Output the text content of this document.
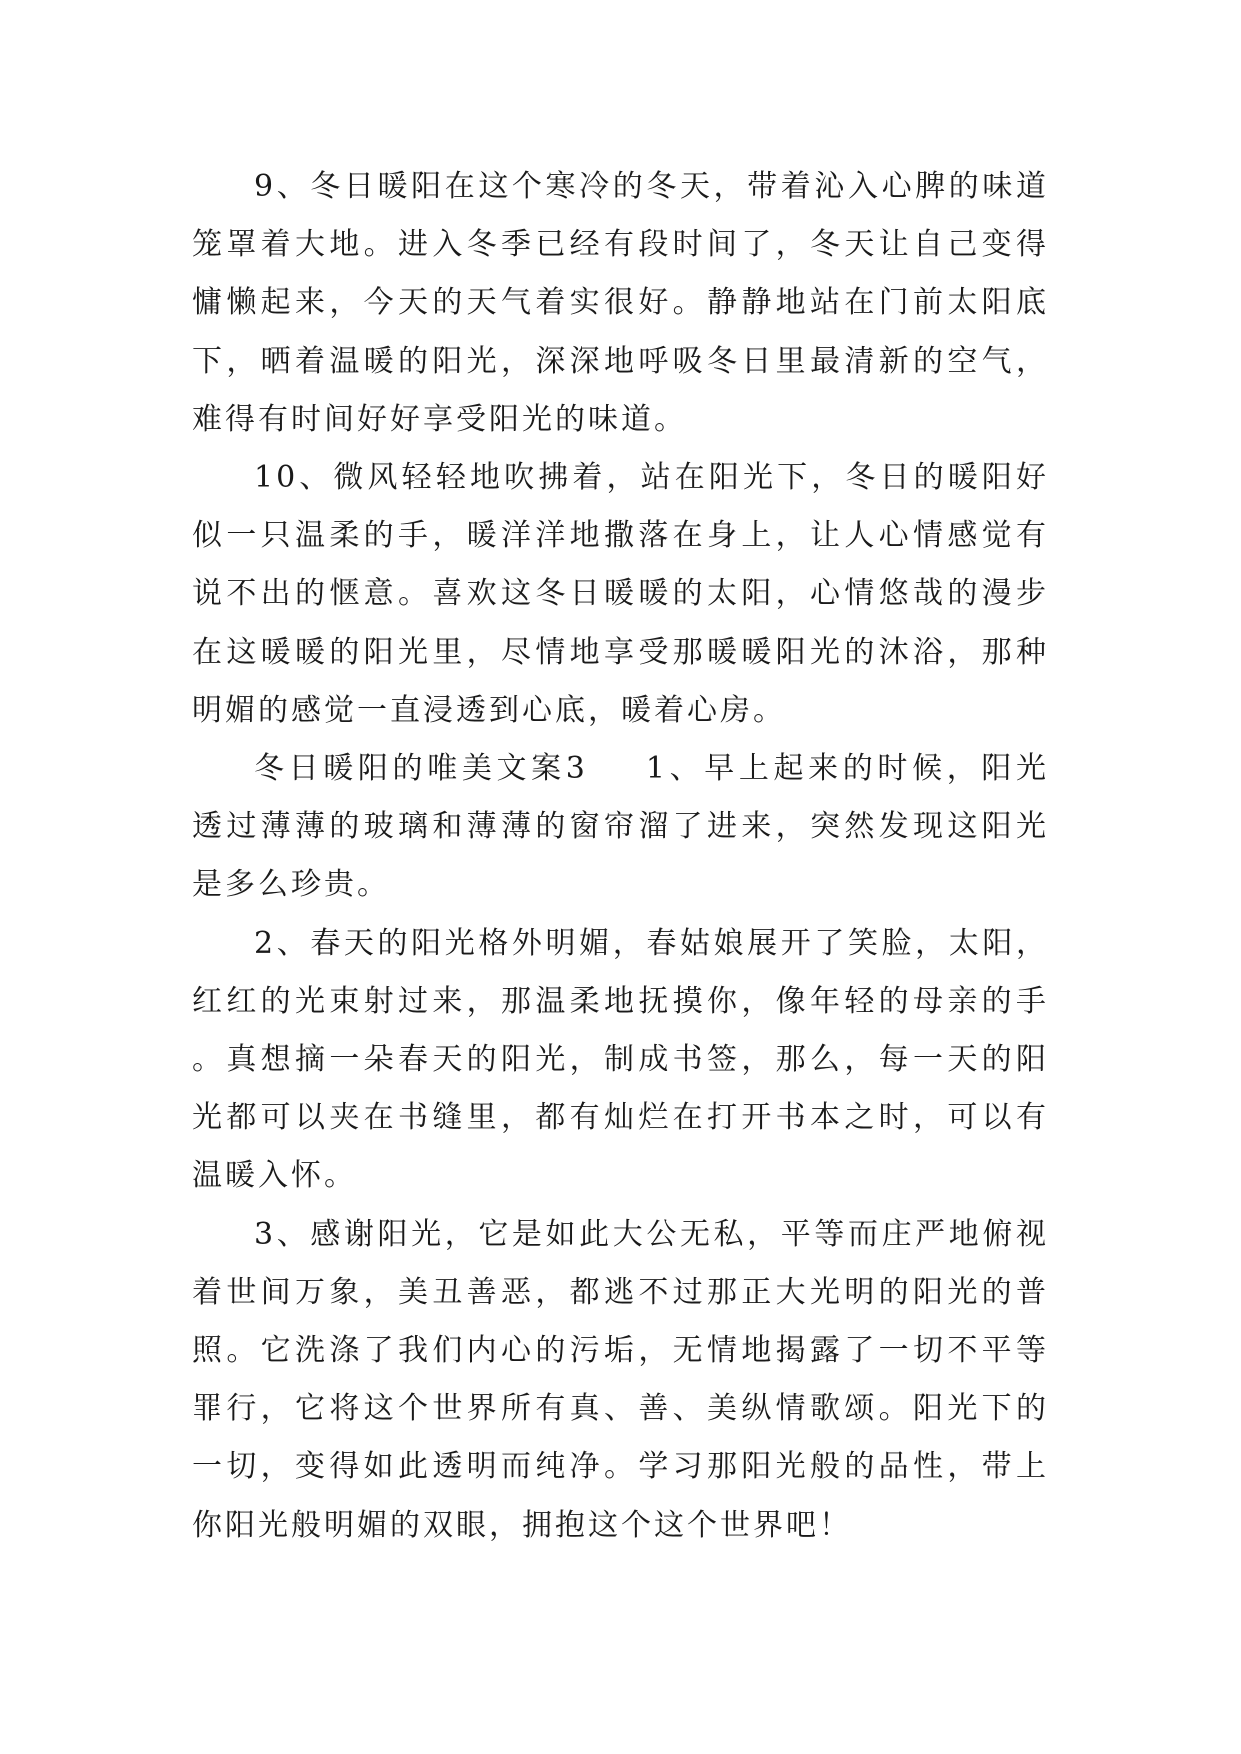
9、冬日暖阳在这个寒冷的冬天，带着沁入心脾的味道笼罩着大地。进入冬季已经有段时间了，冬天让自己变得慵懒起来，今天的天气着实很好。静静地站在门前太阳底下，晒着温暖的阳光，深深地呼吸冬日里最清新的空气，难得有时间好好享受阳光的味道。

10、微风轻轻地吹拂着，站在阳光下，冬日的暖阳好似一只温柔的手，暖洋洋地撒落在身上，让人心情感觉有说不出的惬意。喜欢这冬日暖暖的太阳，心情悠哉的漫步在这暖暖的阳光里，尽情地享受那暖暖阳光的沐浴，那种明媚的感觉一直浸透到心底，暖着心房。

冬日暖阳的唯美文案3 1、早上起来的时候，阳光透过薄薄的玻璃和薄薄的窗帘溜了进来，突然发现这阳光是多么珍贵。

2、春天的阳光格外明媚，春姑娘展开了笑脸，太阳，红红的光束射过来，那温柔地抚摸你，像年轻的母亲的手。真想摘一朵春天的阳光，制成书签，那么，每一天的阳光都可以夹在书缝里，都有灿烂在打开书本之时，可以有温暖入怀。

3、感谢阳光，它是如此大公无私，平等而庄严地俯视着世间万象，美丑善恶，都逃不过那正大光明的阳光的普照。它洗涤了我们内心的污垢，无情地揭露了一切不平等罪行，它将这个世界所有真、善、美纵情歌颂。阳光下的一切，变得如此透明而纯净。学习那阳光般的品性，带上你阳光般明媚的双眼，拥抱这个这个世界吧！
